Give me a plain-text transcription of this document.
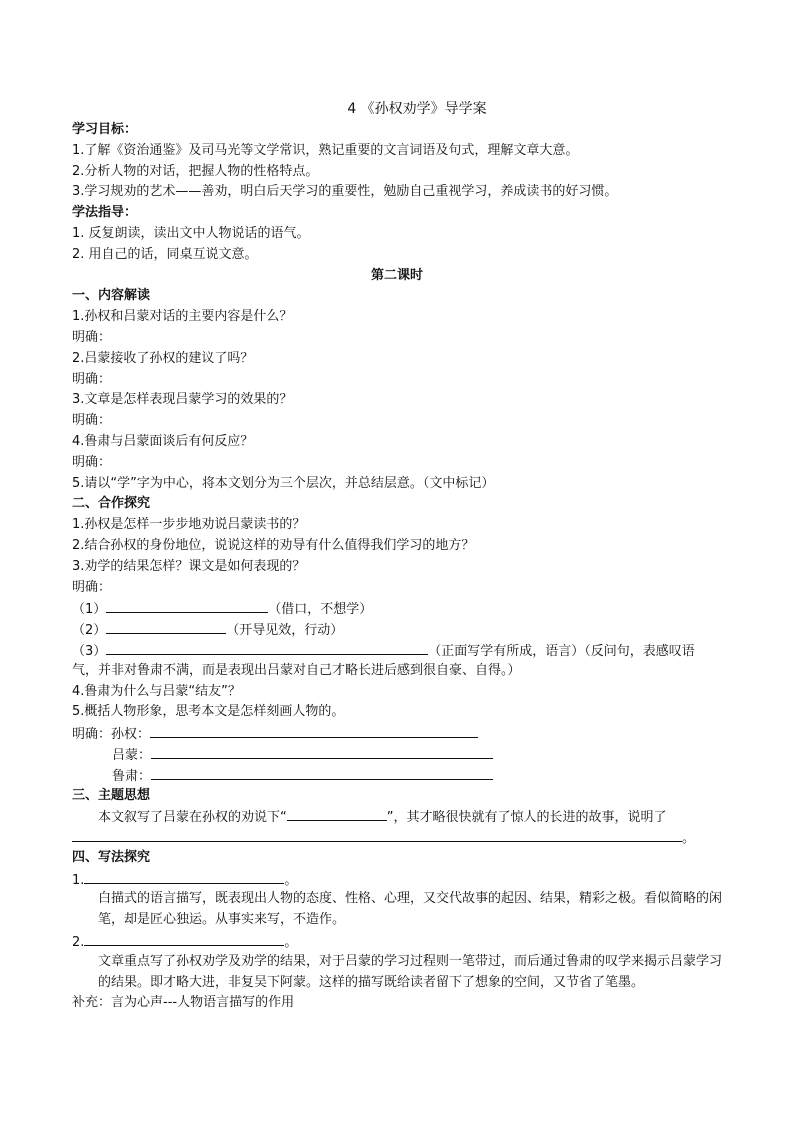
4 《孙权劝学》导学案
学习目标：
1.了解《资治通鉴》及司马光等文学常识，熟记重要的文言词语及句式，理解文章大意。
2.分析人物的对话，把握人物的性格特点。
3.学习规劝的艺术——善劝，明白后天学习的重要性，勉励自己重视学习，养成读书的好习惯。
学法指导：
1. 反复朗读，读出文中人物说话的语气。
2. 用自己的话，同桌互说文意。
第二课时
一、内容解读
1.孙权和吕蒙对话的主要内容是什么？
明确：
2.吕蒙接收了孙权的建议了吗？
明确：
3.文章是怎样表现吕蒙学习的效果的？
明确：
4.鲁肃与吕蒙面谈后有何反应？
明确：
5.请以“学”字为中心，将本文划分为三个层次，并总结层意。（文中标记）
二、合作探究
1.孙权是怎样一步步地劝说吕蒙读书的？
2.结合孙权的身份地位，说说这样的劝导有什么值得我们学习的地方？
3.劝学的结果怎样？课文是如何表现的？
明确：
（1）	（借口，不想学）
（2）	（开导见效，行动）
（3）	（正面写学有所成，语言）（反问句，表感叹语
气，并非对鲁肃不满，而是表现出吕蒙对自己才略长进后感到很自豪、自得。）
4.鲁肃为什么与吕蒙“结友”？
5.概括人物形象，思考本文是怎样刻画人物的。
明确：孙权：
吕蒙：
鲁肃：
三、主题思想
本文叙写了吕蒙在孙权的劝说下“	”，其才略很快就有了惊人的长进的故事，说明了
。
四、写法探究
1.	。
白描式的语言描写，既表现出人物的态度、性格、心理，又交代故事的起因、结果，精彩之极。看似简略的闲笔，却是匠心独运。从事实来写，不造作。
2.	。
文章重点写了孙权劝学及劝学的结果，对于吕蒙的学习过程则一笔带过，而后通过鲁肃的叹学来揭示吕蒙学习的结果。即才略大进，非复吴下阿蒙。这样的描写既给读者留下了想象的空间，又节省了笔墨。
补充：言为心声---人物语言描写的作用
